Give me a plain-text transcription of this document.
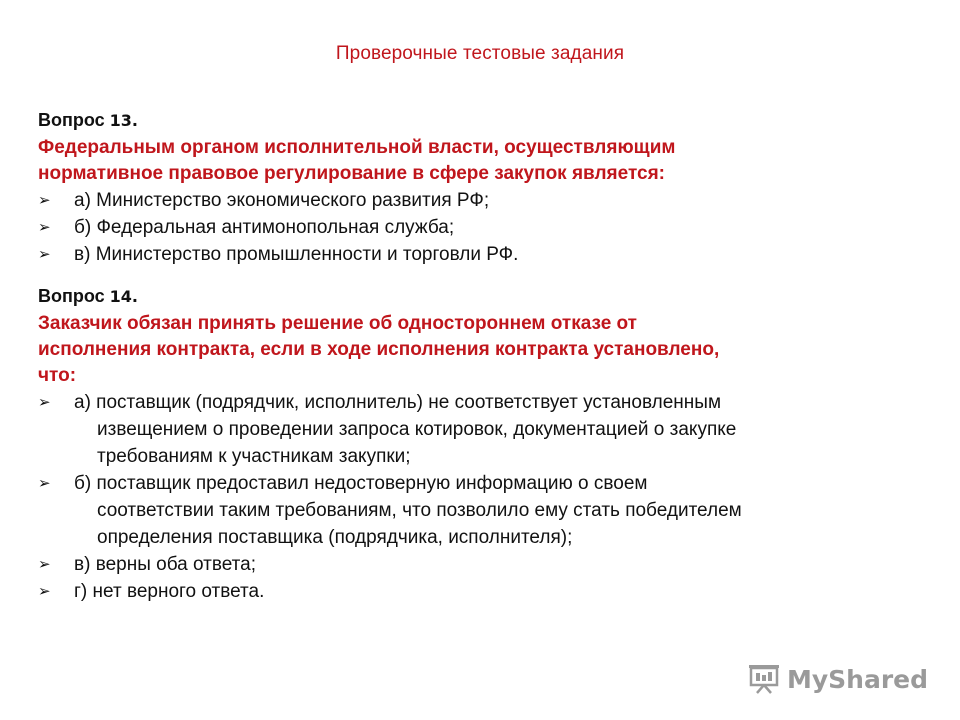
Проверочные тестовые задания
Вопрос 13.
Федеральным органом исполнительной власти, осуществляющим
нормативное правовое регулирование в сфере закупок является:
➢ а) Министерство экономического развития РФ;
➢ б) Федеральная антимонопольная служба;
➢ в) Министерство промышленности и торговли РФ.
Вопрос 14.
Заказчик обязан принять решение об одностороннем отказе от
исполнения контракта, если в ходе исполнения контракта установлено,
что:
➢ а) поставщик (подрядчик, исполнитель) не соответствует установленным
извещением о проведении запроса котировок, документацией о закупке
требованиям к участникам закупки;
➢ б) поставщик предоставил недостоверную информацию о своем
соответствии таким требованиям, что позволило ему стать победителем
определения поставщика (подрядчика, исполнителя);
➢ в) верны оба ответа;
➢ г) нет верного ответа.
MyShared
